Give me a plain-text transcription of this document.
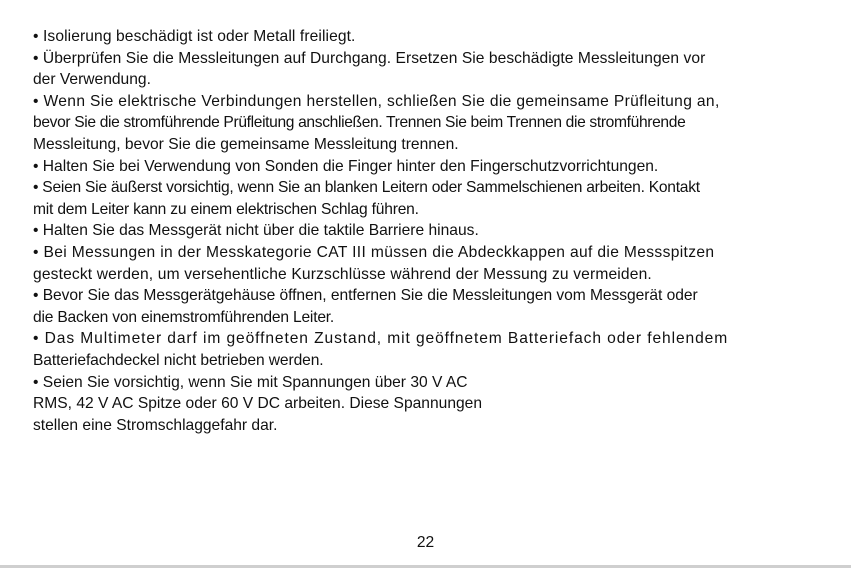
• Isolierung beschädigt ist oder Metall freiliegt.
• Überprüfen Sie die Messleitungen auf Durchgang. Ersetzen Sie beschädigte Messleitungen vor
der Verwendung.
• Wenn Sie elektrische Verbindungen herstellen, schließen Sie die gemeinsame Prüfleitung an,
bevor Sie die stromführende Prüfleitung anschließen. Trennen Sie beim Trennen die stromführende
Messleitung, bevor Sie die gemeinsame Messleitung trennen.
• Halten Sie bei Verwendung von Sonden die Finger hinter den Fingerschutzvorrichtungen.
• Seien Sie äußerst vorsichtig, wenn Sie an blanken Leitern oder Sammelschienen arbeiten. Kontakt
mit dem Leiter kann zu einem elektrischen Schlag führen.
• Halten Sie das Messgerät nicht über die taktile Barriere hinaus.
• Bei Messungen in der Messkategorie CAT III müssen die Abdeckkappen auf die Messspitzen
gesteckt werden, um versehentliche Kurzschlüsse während der Messung zu vermeiden.
• Bevor Sie das Messgerätgehäuse öffnen, entfernen Sie die Messleitungen vom Messgerät oder
die Backen von einemstromführenden Leiter.
• Das Multimeter darf im geöffneten Zustand, mit geöffnetem Batteriefach oder fehlendem
Batteriefachdeckel nicht betrieben werden.
• Seien Sie vorsichtig, wenn Sie mit Spannungen über 30 V AC
RMS, 42 V AC Spitze oder 60 V DC arbeiten. Diese Spannungen
stellen eine Stromschlaggefahr dar.
22
